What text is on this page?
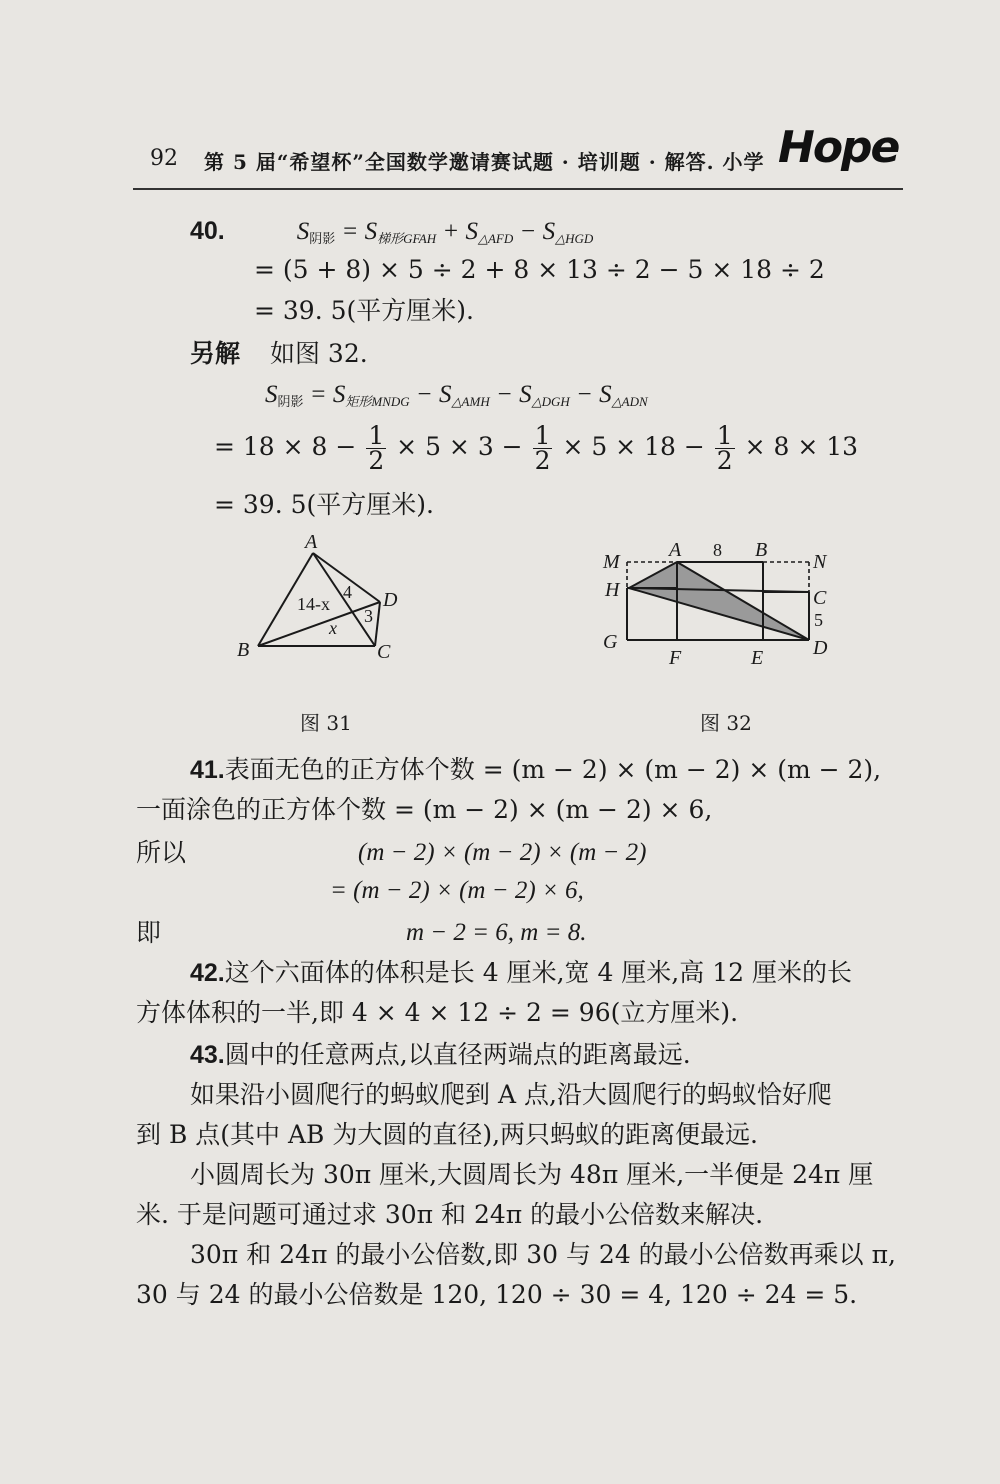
92 第 5 届“希望杯”全国数学邀请赛试题 · 培训题 · 解答. 小学 Hope
40.	$S_{阴影} = S_{梯形GFAH} + S_{\triangle AFD} - S_{\triangle HGD}$
= (5 + 8) × 5 ÷ 2 + 8 × 13 ÷ 2 − 5 × 18 ÷ 2
= 39. 5(平方厘米).
另解 如图 32.
$S_{阴影} = S_{矩形MNDG} - S_{\triangle AMH} - S_{\triangle DGH} - S_{\triangle ADN}$
= $18 \times 8 - \frac{1}{2} \times 5 \times 3 - \frac{1}{2} \times 5 \times 18 - \frac{1}{2} \times 8 \times 13$
= 39. 5(平方厘米).
A
B	C
D
14-x
4
3
x
图 31
M
A	B
N
H	C
G
F	E D
8
5
图 32
41.表面无色的正方体个数 = (m − 2) × (m − 2) × (m − 2),
一面涂色的正方体个数 = (m − 2) × (m − 2) × 6,
所以	(m − 2) × (m − 2) × (m − 2)
= (m − 2) × (m − 2) × 6,
即	m − 2 = 6, m = 8.
42.这个六面体的体积是长 4 厘米,宽 4 厘米,高 12 厘米的长
方体体积的一半,即 4 × 4 × 12 ÷ 2 = 96(立方厘米).
43.圆中的任意两点,以直径两端点的距离最远.
如果沿小圆爬行的蚂蚁爬到 A 点,沿大圆爬行的蚂蚁恰好爬
到 B 点(其中 AB 为大圆的直径),两只蚂蚁的距离便最远.
小圆周长为 30π 厘米,大圆周长为 48π 厘米,一半便是 24π 厘
米. 于是问题可通过求 30π 和 24π 的最小公倍数来解决.
30π 和 24π 的最小公倍数,即 30 与 24 的最小公倍数再乘以 π,
30 与 24 的最小公倍数是 120, 120 ÷ 30 = 4, 120 ÷ 24 = 5.
